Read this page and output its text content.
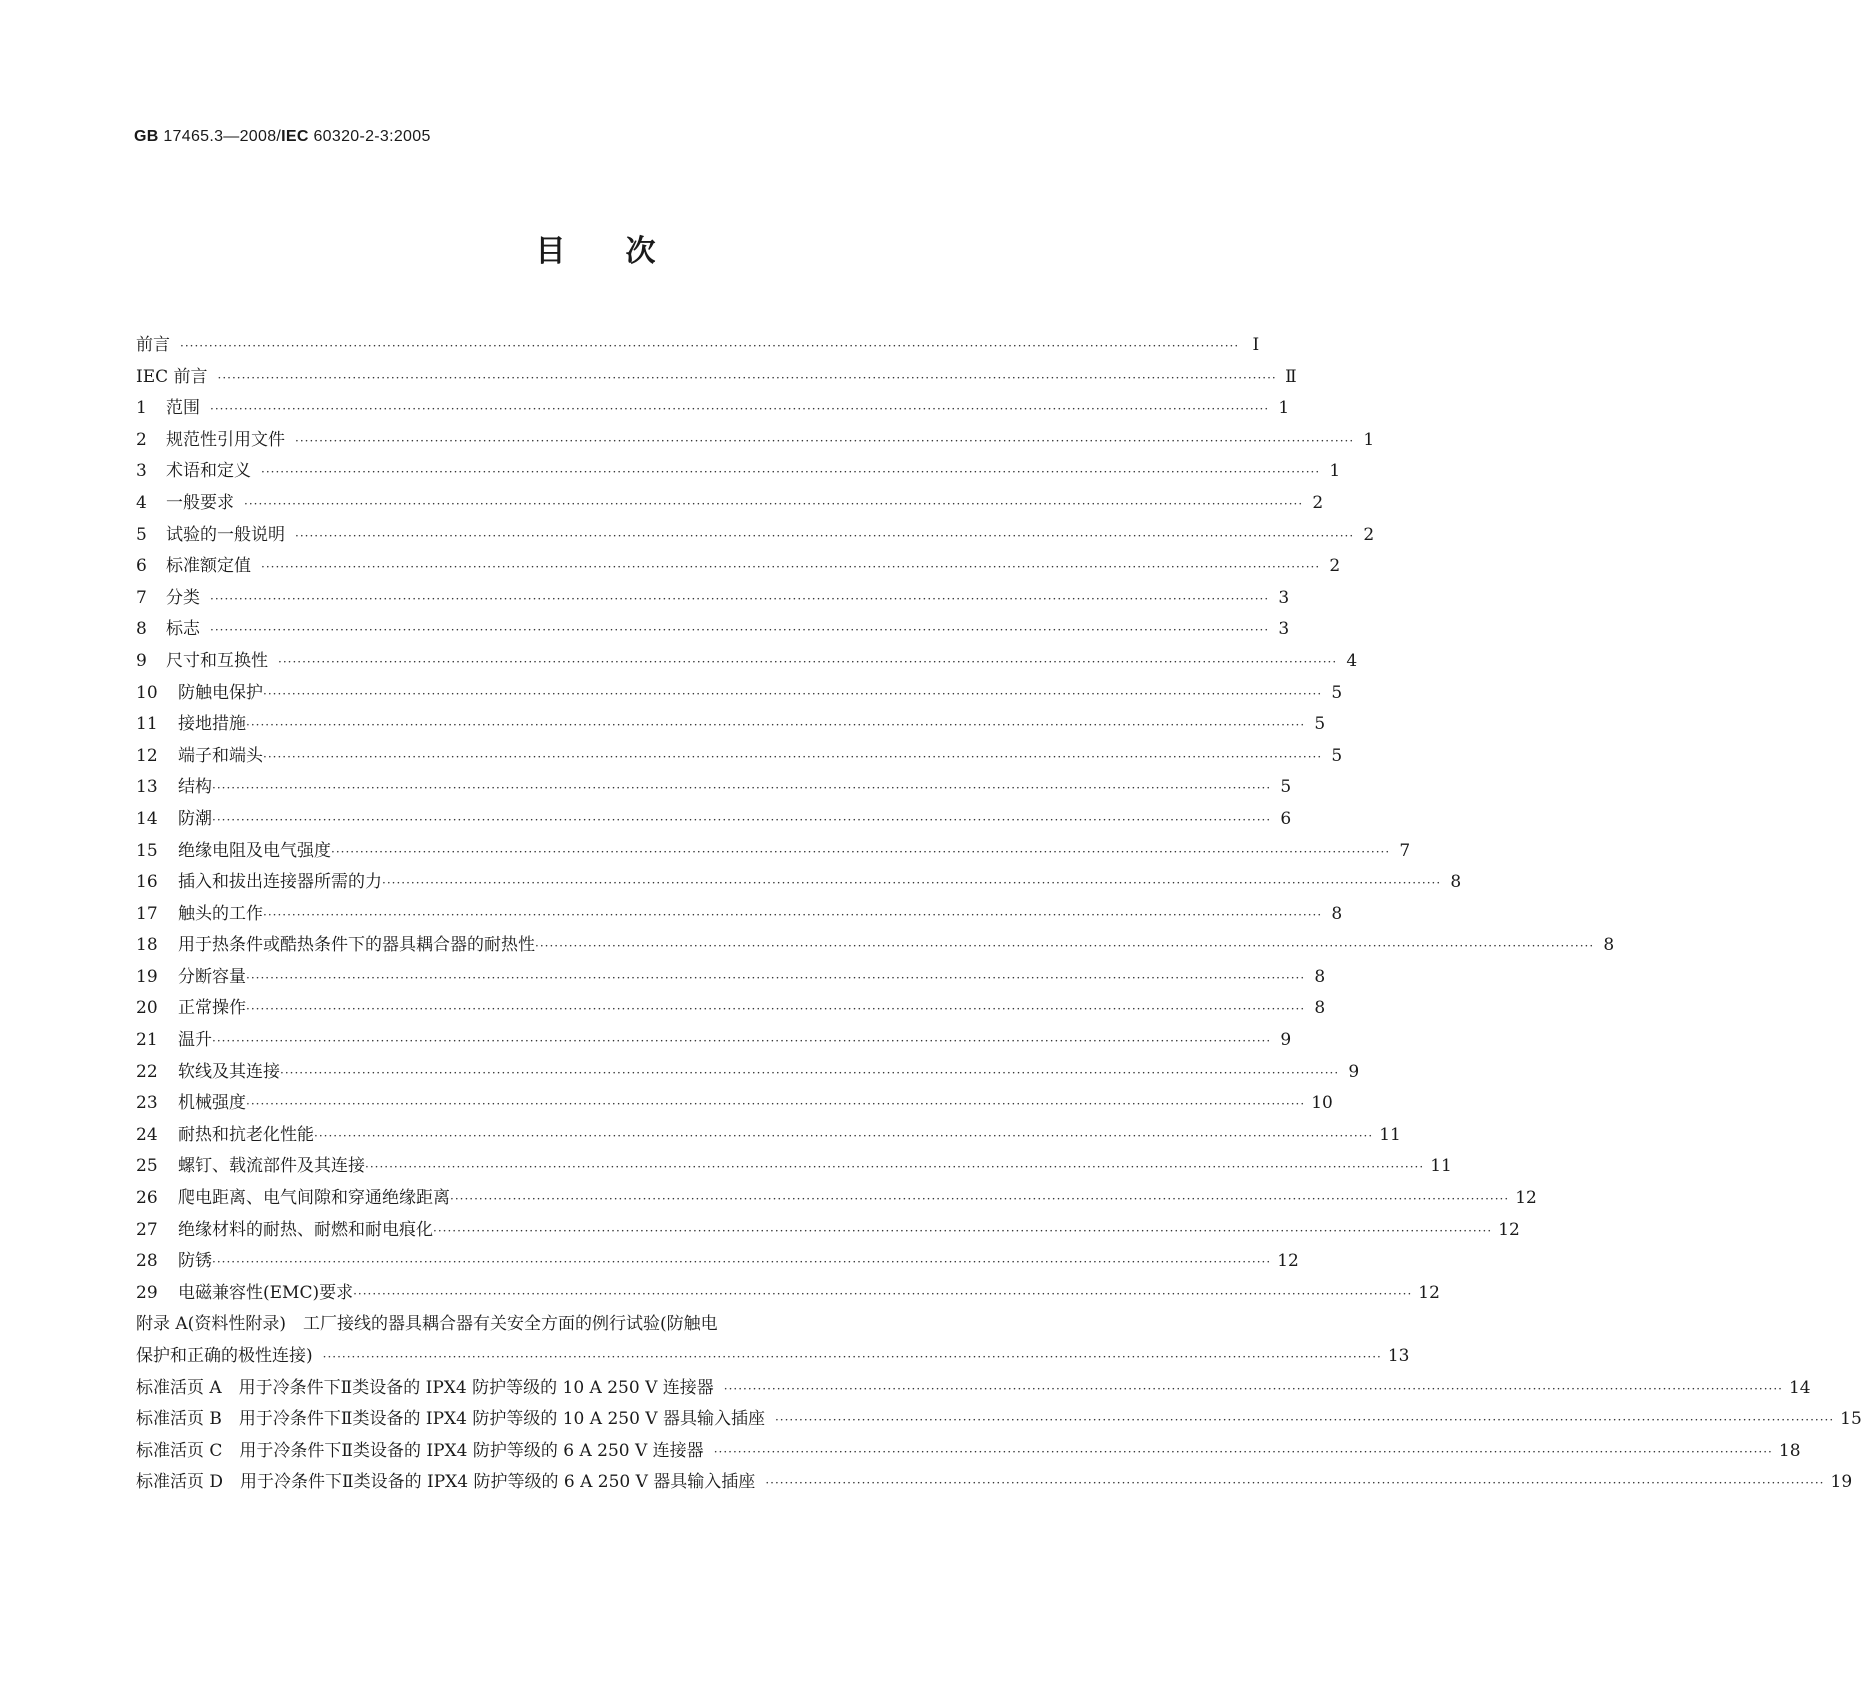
GB 17465.3—2008/IEC 60320-2-3:2005
目次
前言 ···························································································································································································································· Ⅰ
IEC 前言 ···························································································································································································································· Ⅱ
1	范围 ···························································································································································································································· 1
2	规范性引用文件 ···························································································································································································································· 1
3	术语和定义 ···························································································································································································································· 1
4	一般要求 ···························································································································································································································· 2
5	试验的一般说明 ···························································································································································································································· 2
6	标准额定值 ···························································································································································································································· 2
7	分类 ···························································································································································································································· 3
8	标志 ···························································································································································································································· 3
9	尺寸和互换性 ···························································································································································································································· 4
10	防触电保护 ···························································································································································································································· 5
11	接地措施 ···························································································································································································································· 5
12	端子和端头 ···························································································································································································································· 5
13	结构 ···························································································································································································································· 5
14	防潮 ···························································································································································································································· 6
15	绝缘电阻及电气强度 ···························································································································································································································· 7
16	插入和拔出连接器所需的力 ···························································································································································································································· 8
17	触头的工作 ···························································································································································································································· 8
18	用于热条件或酷热条件下的器具耦合器的耐热性 ···························································································································································································································· 8
19	分断容量 ···························································································································································································································· 8
20	正常操作 ···························································································································································································································· 8
21	温升 ···························································································································································································································· 9
22	软线及其连接 ···························································································································································································································· 9
23	机械强度 ···························································································································································································································· 10
24	耐热和抗老化性能 ···························································································································································································································· 11
25	螺钉、载流部件及其连接 ···························································································································································································································· 11
26	爬电距离、电气间隙和穿通绝缘距离 ···························································································································································································································· 12
27	绝缘材料的耐热、耐燃和耐电痕化 ···························································································································································································································· 12
28	防锈 ···························································································································································································································· 12
29	电磁兼容性(EMC)要求 ···························································································································································································································· 12
附录 A(资料性附录)　工厂接线的器具耦合器有关安全方面的例行试验(防触电
保护和正确的极性连接) ···························································································································································································································· 13
标准活页 A　用于冷条件下Ⅱ类设备的 IPX4 防护等级的 10 A 250 V 连接器 ···························································································································································································································· 14
标准活页 B　用于冷条件下Ⅱ类设备的 IPX4 防护等级的 10 A 250 V 器具输入插座 ···························································································································································································································· 15
标准活页 C　用于冷条件下Ⅱ类设备的 IPX4 防护等级的 6 A 250 V 连接器 ···························································································································································································································· 18
标准活页 D　用于冷条件下Ⅱ类设备的 IPX4 防护等级的 6 A 250 V 器具输入插座 ···························································································································································································································· 19
